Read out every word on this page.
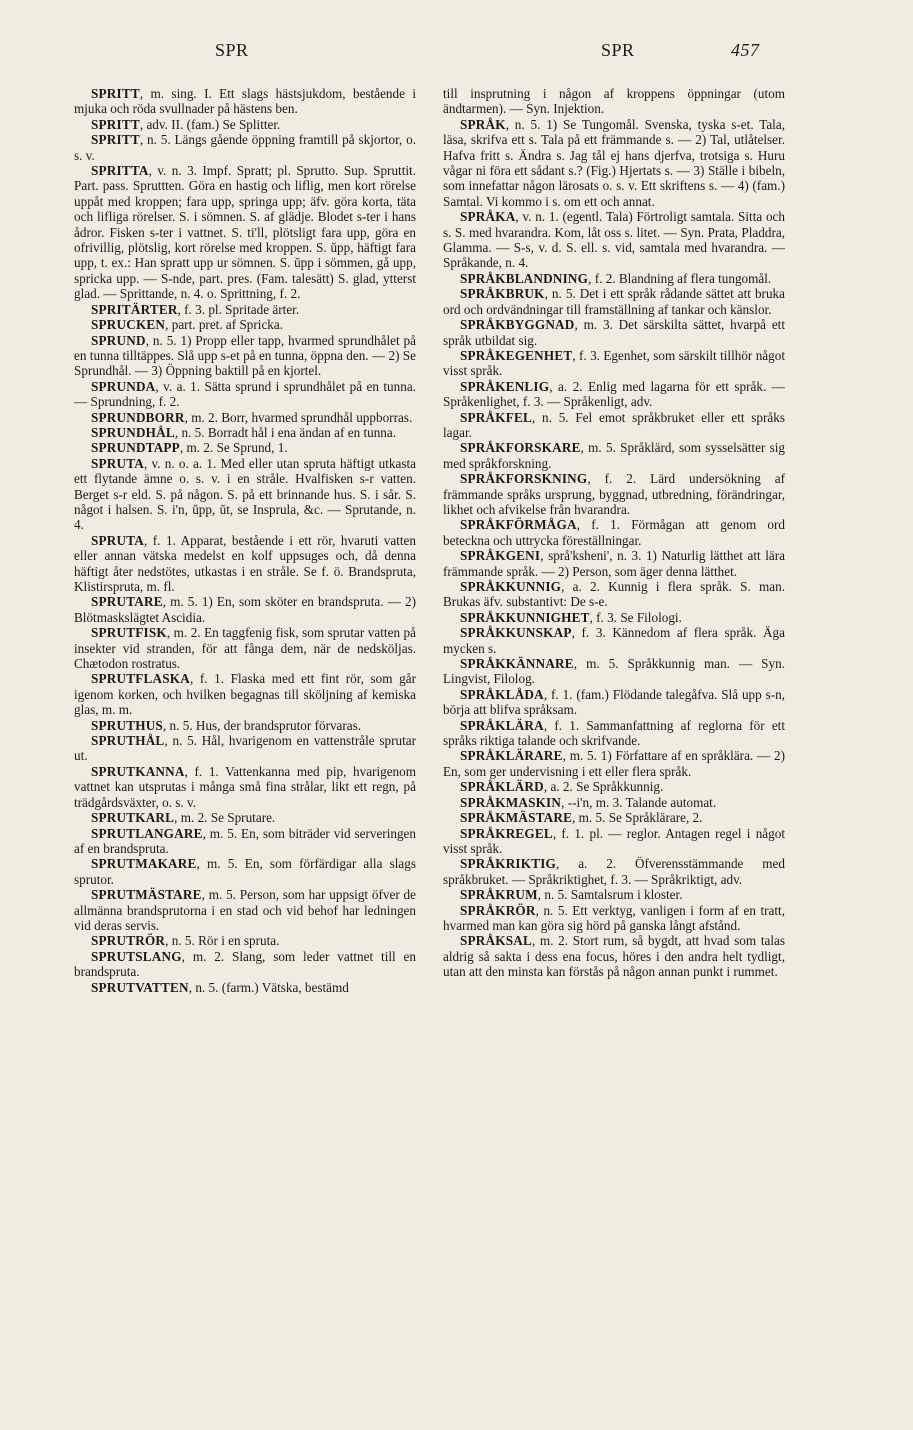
SPR	SPR	457

SPRITT, m. sing. I. Ett slags hästsjukdom, bestående i mjuka och röda svullnader på hästens ben.

SPRITT, adv. II. (fam.) Se Splitter.

SPRITT, n. 5. Längs gående öppning framtill på skjortor, o. s. v.

SPRITTA, v. n. 3. Impf. Spratt; pl. Sprutto. Sup. Spruttit. Part. pass. Spruttten. Göra en hastig och liflig, men kort rörelse uppåt med kroppen; fara upp, springa upp; äfv. göra korta, täta och lifliga rörelser. S. i sömnen. S. af glädje. Blodet s-ter i hans ådror. Fisken s-ter i vattnet. S. ti'll, plötsligt fara upp, göra en ofrivillig, plötslig, kort rörelse med kroppen. S. ŭpp, häftigt fara upp, t. ex.: Han spratt upp ur sömnen. S. ŭpp i sömmen, gå upp, spricka upp. — S-nde, part. pres. (Fam. talesätt) S. glad, ytterst glad. — Sprittande, n. 4. o. Sprittning, f. 2.

SPRITÄRTER, f. 3. pl. Spritade ärter.

SPRUCKEN, part. pret. af Spricka.

SPRUND, n. 5. 1) Propp eller tapp, hvarmed sprundhålet på en tunna tilltäppes. Slå upp s-et på en tunna, öppna den. — 2) Se Sprundhål. — 3) Öppning baktill på en kjortel.

SPRUNDA, v. a. 1. Sätta sprund i sprundhålet på en tunna. — Sprundning, f. 2.

SPRUNDBORR, m. 2. Borr, hvarmed sprundhål uppborras.

SPRUNDHÅL, n. 5. Borradt hål i ena ändan af en tunna.

SPRUNDTAPP, m. 2. Se Sprund, 1.

SPRUTA, v. n. o. a. 1. Med eller utan spruta häftigt utkasta ett flytande ämne o. s. v. i en stråle. Hvalfisken s-r vatten. Berget s-r eld. S. på någon. S. på ett brinnande hus. S. i sår. S. något i halsen. S. i'n, ŭpp, ŭt, se Insprula, &c. — Sprutande, n. 4.

SPRUTA, f. 1. Apparat, bestående i ett rör, hvaruti vatten eller annan vätska medelst en kolf uppsuges och, då denna häftigt åter nedstötes, utkastas i en stråle. Se f. ö. Brandspruta, Klistirspruta, m. fl.

SPRUTARE, m. 5. 1) En, som sköter en brandspruta. — 2) Blötmaskslägtet Ascidia.

SPRUTFISK, m. 2. En taggfenig fisk, som sprutar vatten på insekter vid stranden, för att fånga dem, när de nedsköljas. Chætodon rostratus.

SPRUTFLASKA, f. 1. Flaska med ett fint rör, som går igenom korken, och hvilken begagnas till sköljning af kemiska glas, m. m.

SPRUTHUS, n. 5. Hus, der brandsprutor förvaras.

SPRUTHÅL, n. 5. Hål, hvarigenom en vattenstråle sprutar ut.

SPRUTKANNA, f. 1. Vattenkanna med pip, hvarigenom vattnet kan utsprutas i många små fina strålar, likt ett regn, på trädgårdsväxter, o. s. v.

SPRUTKARL, m. 2. Se Sprutare.

SPRUTLANGARE, m. 5. En, som biträder vid serveringen af en brandspruta.

SPRUTMAKARE, m. 5. En, som förfärdigar alla slags sprutor.

SPRUTMÄSTARE, m. 5. Person, som har uppsigt öfver de allmänna brandsprutorna i en stad och vid behof har ledningen vid deras servis.

SPRUTRÖR, n. 5. Rör i en spruta.

SPRUTSLANG, m. 2. Slang, som leder vattnet till en brandspruta.

SPRUTVATTEN, n. 5. (farm.) Vätska, bestämd

till insprutning i någon af kroppens öppningar (utom ändtarmen). — Syn. Injektion.

SPRÅK, n. 5. 1) Se Tungomål. Svenska, tyska s-et. Tala, läsa, skrifva ett s. Tala på ett främmande s. — 2) Tal, utlåtelser. Hafva fritt s. Ändra s. Jag tål ej hans djerfva, trotsiga s. Huru vågar ni föra ett sådant s.? (Fig.) Hjertats s. — 3) Ställe i bibeln, som innefattar någon lärosats o. s. v. Ett skriftens s. — 4) (fam.) Samtal. Vi kommo i s. om ett och annat.

SPRÅKA, v. n. 1. (egentl. Tala) Förtroligt samtala. Sitta och s. S. med hvarandra. Kom, låt oss s. litet. — Syn. Prata, Pladdra, Glamma. — S-s, v. d. S. ell. s. vid, samtala med hvarandra. — Språkande, n. 4.

SPRÅKBLANDNING, f. 2. Blandning af flera tungomål.

SPRÅKBRUK, n. 5. Det i ett språk rådande sättet att bruka ord och ordvändningar till framställning af tankar och känslor.

SPRÅKBYGGNAD, m. 3. Det särskilta sättet, hvarpå ett språk utbildat sig.

SPRÅKEGENHET, f. 3. Egenhet, som särskilt tillhör något visst språk.

SPRÅKENLIG, a. 2. Enlig med lagarna för ett språk. — Språkenlighet, f. 3. — Språkenligt, adv.

SPRÅKFEL, n. 5. Fel emot språkbruket eller ett språks lagar.

SPRÅKFORSKARE, m. 5. Språklärd, som sysselsätter sig med språkforskning.

SPRÅKFORSKNING, f. 2. Lärd undersökning af främmande språks ursprung, byggnad, utbredning, förändringar, likhet och afvikelse från hvarandra.

SPRÅKFÖRMÅGA, f. 1. Förmågan att genom ord beteckna och uttrycka föreställningar.

SPRÅKGENI, språ'ksheni', n. 3. 1) Naturlig lätthet att lära främmande språk. — 2) Person, som äger denna lätthet.

SPRÅKKUNNIG, a. 2. Kunnig i flera språk. S. man. Brukas äfv. substantivt: De s-e.

SPRÅKKUNNIGHET, f. 3. Se Filologi.

SPRÅKKUNSKAP, f. 3. Kännedom af flera språk. Äga mycken s.

SPRÅKKÄNNARE, m. 5. Språkkunnig man. — Syn. Lingvist, Filolog.

SPRÅKLÅDA, f. 1. (fam.) Flödande talegåfva. Slå upp s-n, börja att blifva språksam.

SPRÅKLÄRA, f. 1. Sammanfattning af reglorna för ett språks riktiga talande och skrifvande.

SPRÅKLÄRARE, m. 5. 1) Författare af en språklära. — 2) En, som ger undervisning i ett eller flera språk.

SPRÅKLÄRD, a. 2. Se Språkkunnig.

SPRÅKMASKIN, --i'n, m. 3. Talande automat.

SPRÅKMÄSTARE, m. 5. Se Språklärare, 2.

SPRÅKREGEL, f. 1. pl. — reglor. Antagen regel i något visst språk.

SPRÅKRIKTIG, a. 2. Öfverensstämmande med språkbruket. — Språkriktighet, f. 3. — Språkriktigt, adv.

SPRÅKRUM, n. 5. Samtalsrum i kloster.

SPRÅKRÖR, n. 5. Ett verktyg, vanligen i form af en tratt, hvarmed man kan göra sig hörd på ganska långt afstånd.

SPRÅKSAL, m. 2. Stort rum, så bygdt, att hvad som talas aldrig så sakta i dess ena focus, höres i den andra helt tydligt, utan att den minsta kan förstås på någon annan punkt i rummet.
